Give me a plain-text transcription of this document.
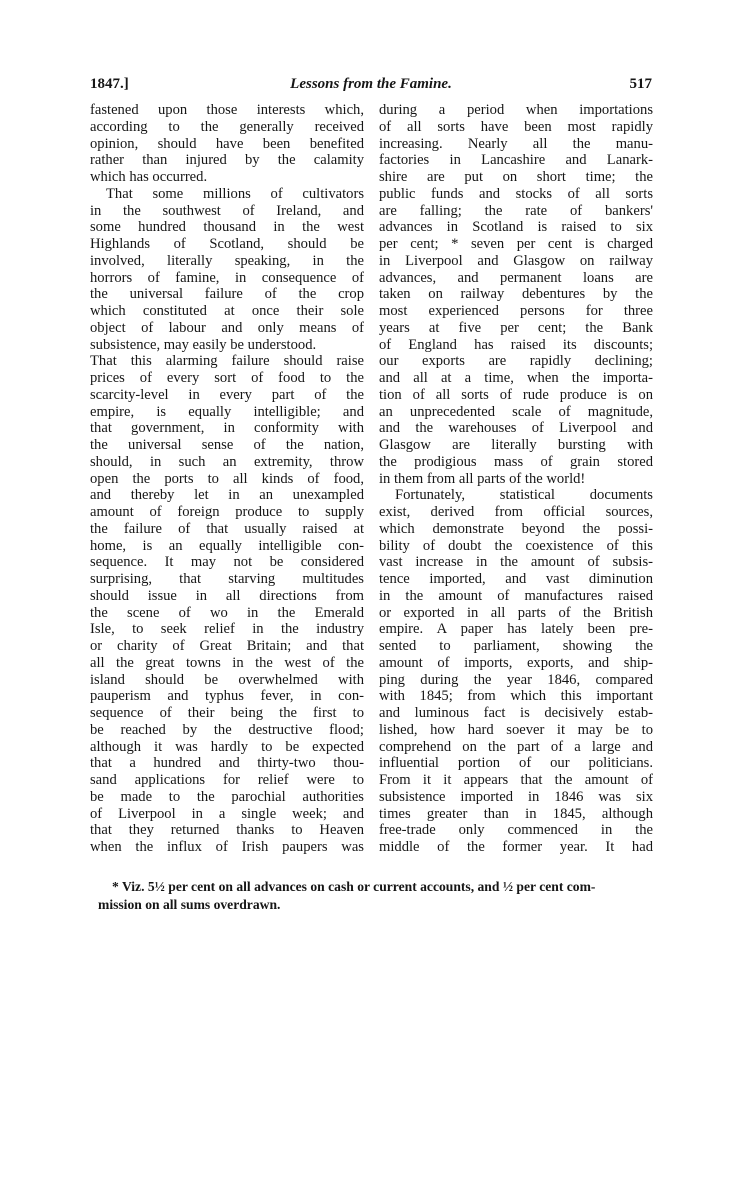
1847.]	Lessons from the Famine.	517
fastened upon those interests which,
according to the generally received
opinion, should have been benefited
rather than injured by the calamity
which has occurred.
That some millions of cultivators
in the southwest of Ireland, and
some hundred thousand in the west
Highlands of Scotland, should be
involved, literally speaking, in the
horrors of famine, in consequence of
the universal failure of the crop
which constituted at once their sole
object of labour and only means of
subsistence, may easily be understood.
That this alarming failure should raise
prices of every sort of food to the
scarcity-level in every part of the
empire, is equally intelligible; and
that government, in conformity with
the universal sense of the nation,
should, in such an extremity, throw
open the ports to all kinds of food,
and thereby let in an unexampled
amount of foreign produce to supply
the failure of that usually raised at
home, is an equally intelligible con-
sequence. It may not be considered
surprising, that starving multitudes
should issue in all directions from
the scene of wo in the Emerald
Isle, to seek relief in the industry
or charity of Great Britain; and that
all the great towns in the west of the
island should be overwhelmed with
pauperism and typhus fever, in con-
sequence of their being the first to
be reached by the destructive flood;
although it was hardly to be expected
that a hundred and thirty-two thou-
sand applications for relief were to
be made to the parochial authorities
of Liverpool in a single week; and
that they returned thanks to Heaven
when the influx of Irish paupers was
during a period when importations
of all sorts have been most rapidly
increasing. Nearly all the manu-
factories in Lancashire and Lanark-
shire are put on short time; the
public funds and stocks of all sorts
are falling; the rate of bankers'
advances in Scotland is raised to six
per cent; * seven per cent is charged
in Liverpool and Glasgow on railway
advances, and permanent loans are
taken on railway debentures by the
most experienced persons for three
years at five per cent; the Bank
of England has raised its discounts;
our exports are rapidly declining;
and all at a time, when the importa-
tion of all sorts of rude produce is on
an unprecedented scale of magnitude,
and the warehouses of Liverpool and
Glasgow are literally bursting with
the prodigious mass of grain stored
in them from all parts of the world!
Fortunately, statistical documents
exist, derived from official sources,
which demonstrate beyond the possi-
bility of doubt the coexistence of this
vast increase in the amount of subsis-
tence imported, and vast diminution
in the amount of manufactures raised
or exported in all parts of the British
empire. A paper has lately been pre-
sented to parliament, showing the
amount of imports, exports, and ship-
ping during the year 1846, compared
with 1845; from which this important
and luminous fact is decisively estab-
lished, how hard soever it may be to
comprehend on the part of a large and
influential portion of our politicians.
From it it appears that the amount of
subsistence imported in 1846 was six
times greater than in 1845, although
free-trade only commenced in the
middle of the former year. It had
* Viz. 5½ per cent on all advances on cash or current accounts, and ½ per cent com-
mission on all sums overdrawn.
